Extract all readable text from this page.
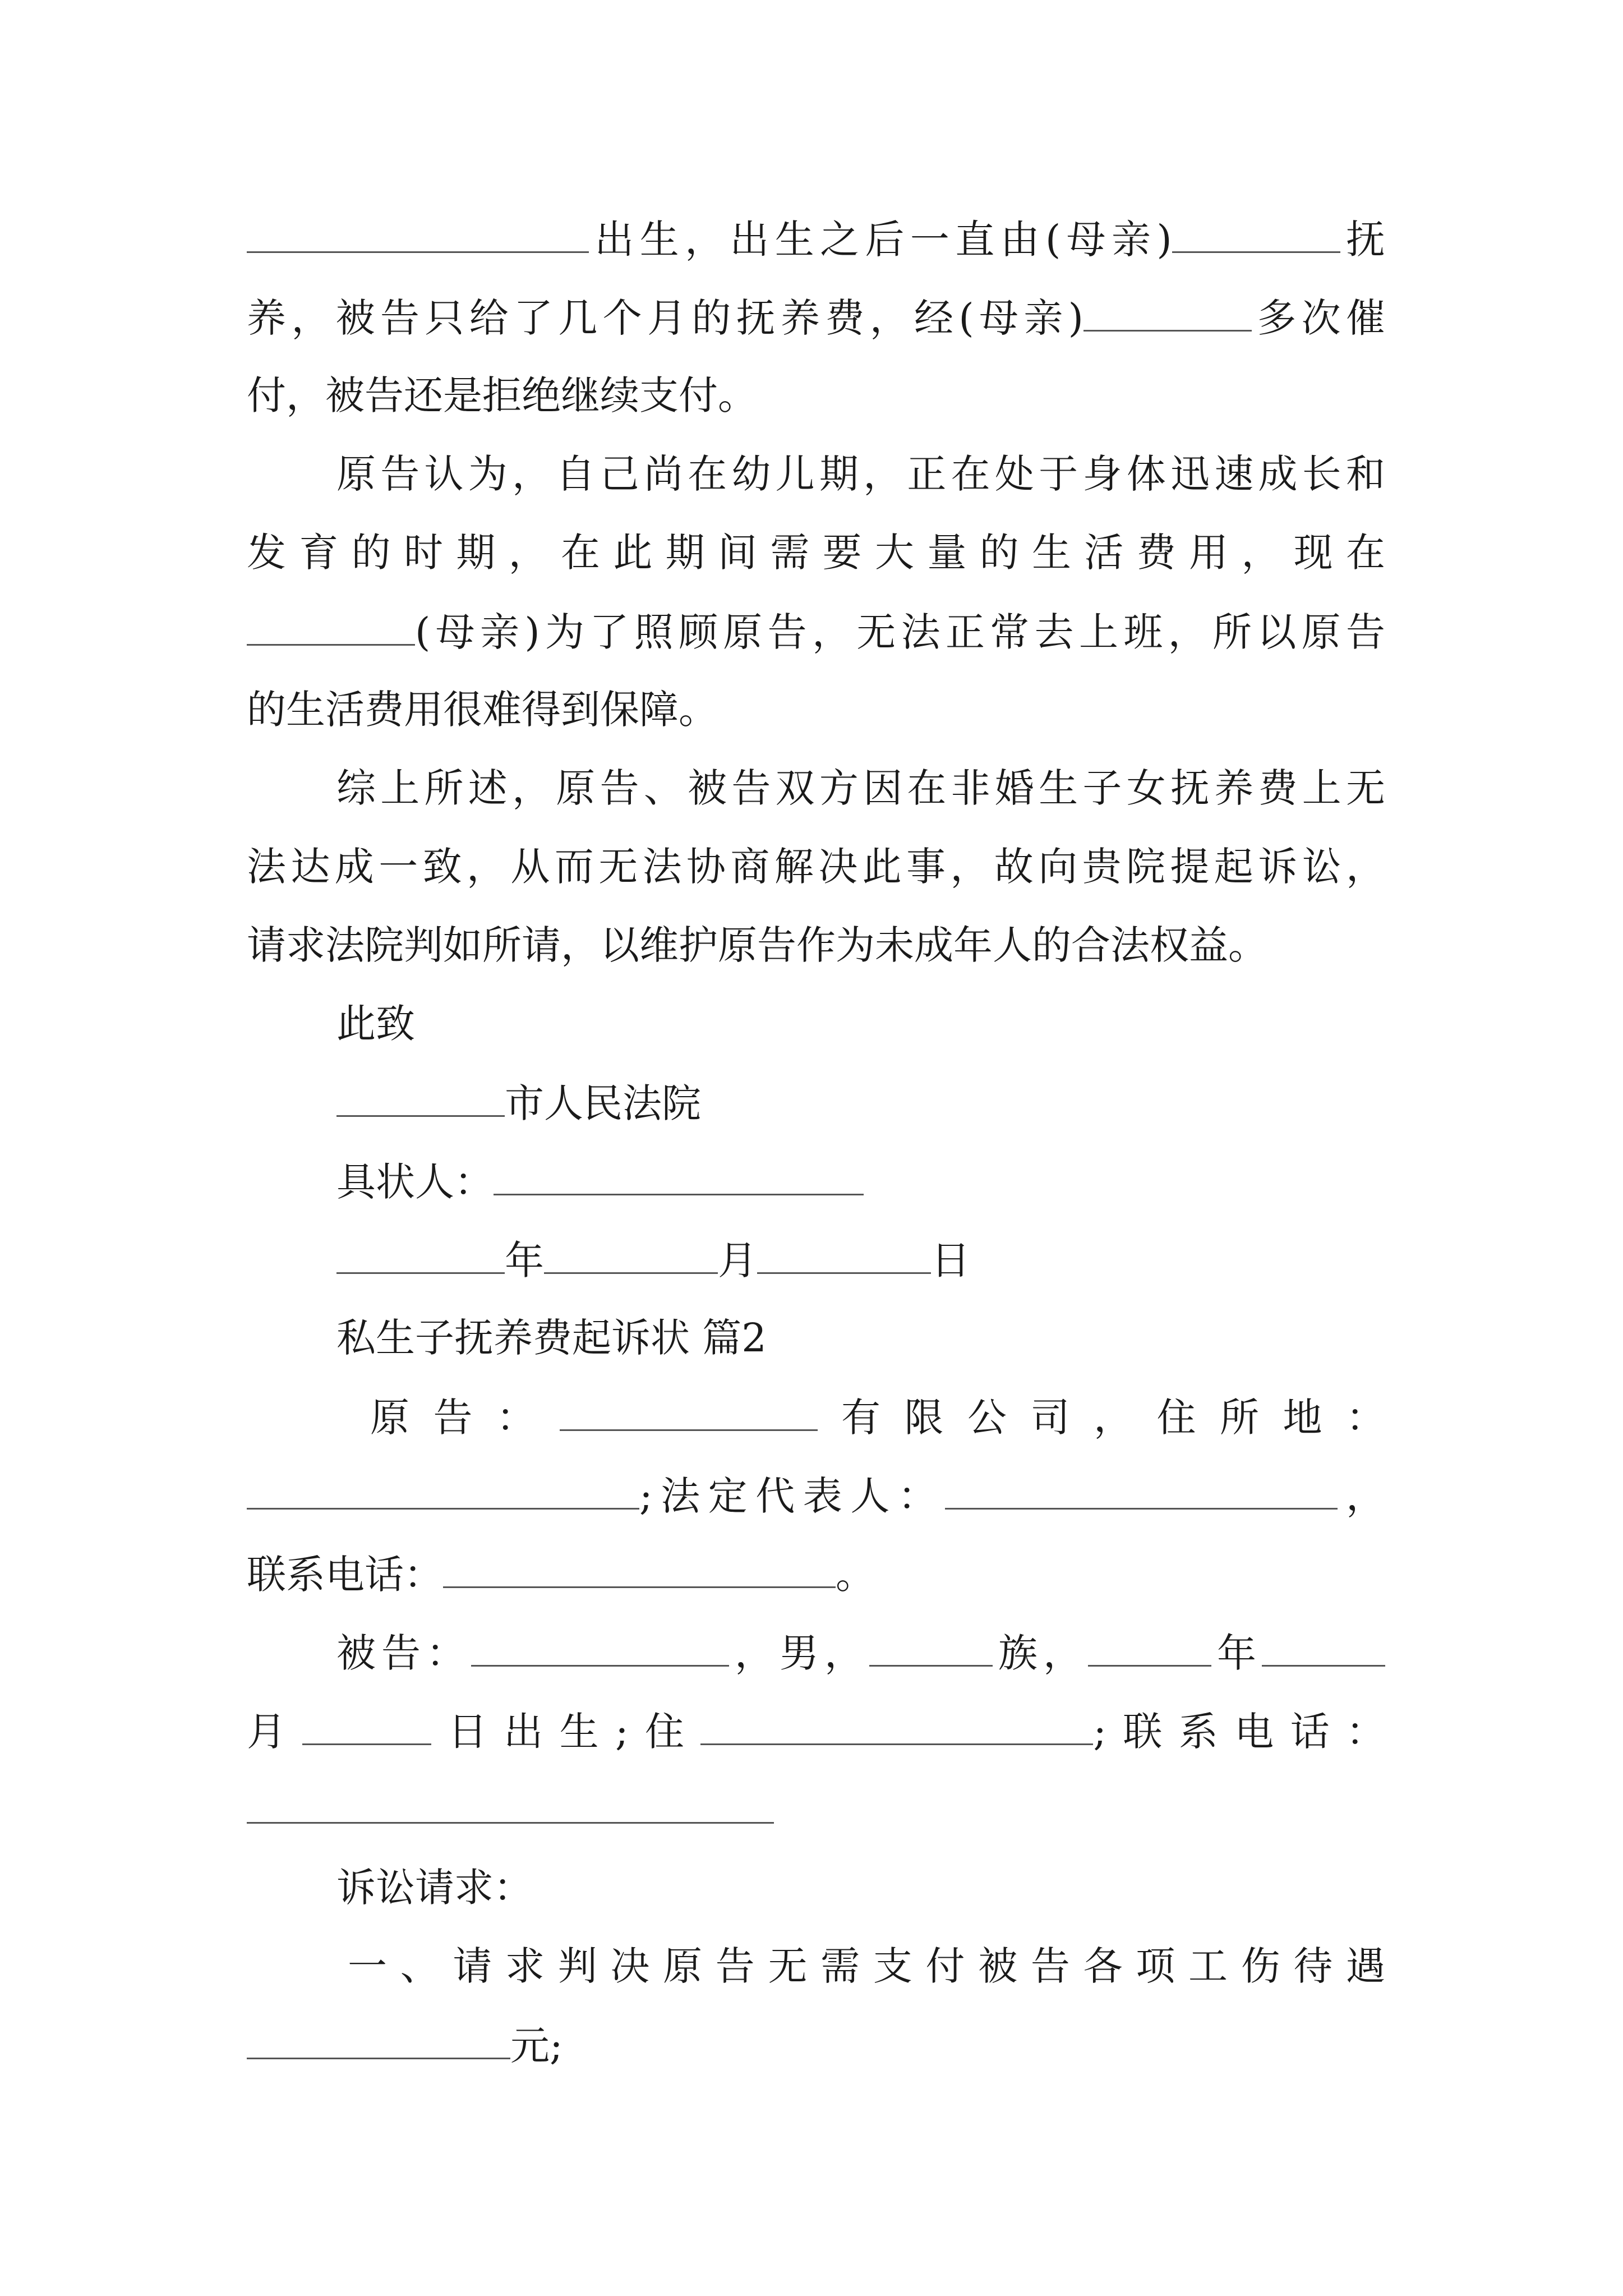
出生，出生之后一直由(母亲)	抚
养，被告只给了几个月的抚养费，经(母亲)	多次催
付，被告还是拒绝继续支付。
原告认为，自己尚在幼儿期，正在处于身体迅速成长和
发育的时期，在此期间需要大量的生活费用，现在
(母亲)为了照顾原告，无法正常去上班，所以原告
的生活费用很难得到保障。
综上所述，原告、被告双方因在非婚生子女抚养费上无
法达成一致，从而无法协商解决此事，故向贵院提起诉讼，
请求法院判如所请，以维护原告作为未成年人的合法权益。
此致
市人民法院
具状人：
年	月	日
私生子抚养费起诉状 篇2
原告：	有限公司，住所地：
;法定代表人：	，
联系电话：	。
被告：	，男，	族，	年
月	日出生;住	;联系电话：
诉讼请求：
一、请求判决原告无需支付被告各项工伤待遇
元;
